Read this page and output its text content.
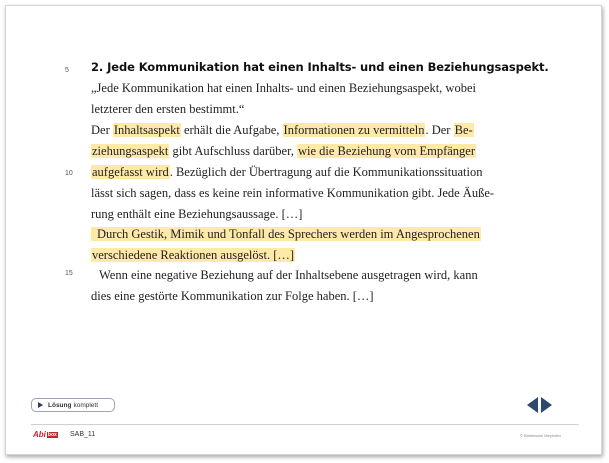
5
10
15
2. Jede Kommunikation hat einen Inhalts- und einen Beziehungsaspekt.
„Jede Kommunikation hat einen Inhalts- und einen Beziehungsaspekt, wobei
letzterer den ersten bestimmt.“
Der Inhaltsaspekt erhält die Aufgabe, Informationen zu vermitteln. Der Be-
ziehungsaspekt gibt Aufschluss darüber, wie die Beziehung vom Empfänger
aufgefasst wird. Bezüglich der Übertragung auf die Kommunikationssituation
lässt sich sagen, dass es keine rein informative Kommunikation gibt. Jede Äuße-
rung enthält eine Beziehungsaussage. […]
Durch Gestik, Mimik und Tonfall des Sprechers werden im Angesprochenen
verschiedene Reaktionen ausgelöst. […]
Wenn eine negative Beziehung auf der Inhaltsebene ausgetragen wird, kann
dies eine gestörte Kommunikation zur Folge haben. […]
Lösung komplett
Abi box SAB_11	© Brinkmann Meyhöfer
